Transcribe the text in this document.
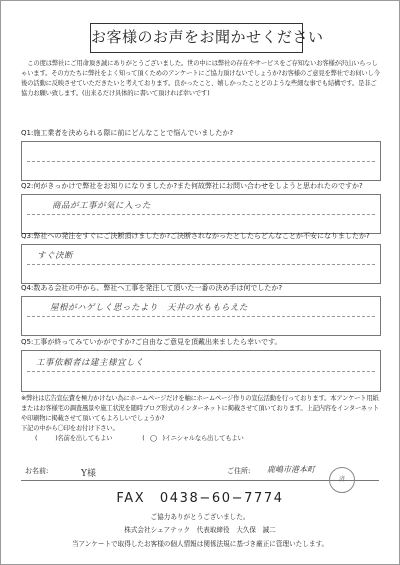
お客様のお声をお聞かせください

この度は弊社にご用命頂き誠にありがとうございました。世の中には弊社の存在やサービスをご存知ないお客様が沢山いらっしゃいます。その方たちに弊社をよく知って頂くためのアンケートにご協力頂けないでしょうか?お客様のご意見を弊社でお伺いし今後の活動に反映させていただきたいと考えております。良かったこと、嬉しかったことどのような些細な事でも結構です。是非ご協力お願い致します。(出来るだけ具体的に書いて頂ければ幸いです)

Q1:施工業者を決められる際に前にどんなことで悩んでいましたか?
Q2:何がきっかけで弊社をお知りになりましたか?また何故弊社にお問い合わせをしようと思われたのですか?
商品が工事が気に入った
Q3:弊社への発注をすぐにご決断頂けましたか?ご決断されなかったとしたらどんなことが不安になりましたか?
すぐ決断
Q4:数ある会社の中から、弊社へ工事を発注して頂いた一番の決め手は何でしたか?
屋根がハゲしく思ったより　天井の水ももらえた
Q5:工事が終ってみていかがですか?ご自由なご意見を頂戴出来ましたら幸いです。
工事依頼者は建主様宜しく

※弊社は広告宣伝費を極力かけない為にホームページだけを軸にホームページ作りの宣伝活動を行っております。本アンケート用紙またはお客様宅の調査風景や施工状況を随時ブログ形式のインターネットに掲載させて頂いております。上記内容をインターネットや印刷物に掲載させて頂いてもよろしいでしょうか?

下記の中から〇印をお付け下さい。

(	)名前を出してもよい	( ◯ )イニシャルなら出してもよい

お名前:	Y様	ご住所: 鹿嶋市港本町
済
FAX　0438−60−7774
ご協力ありがとうございました。
株式会社シェアテック　代表取締役　大久保　誠二
当アンケートで取得したお客様の個人情報は関係法規に基づき厳正に管理いたします。
